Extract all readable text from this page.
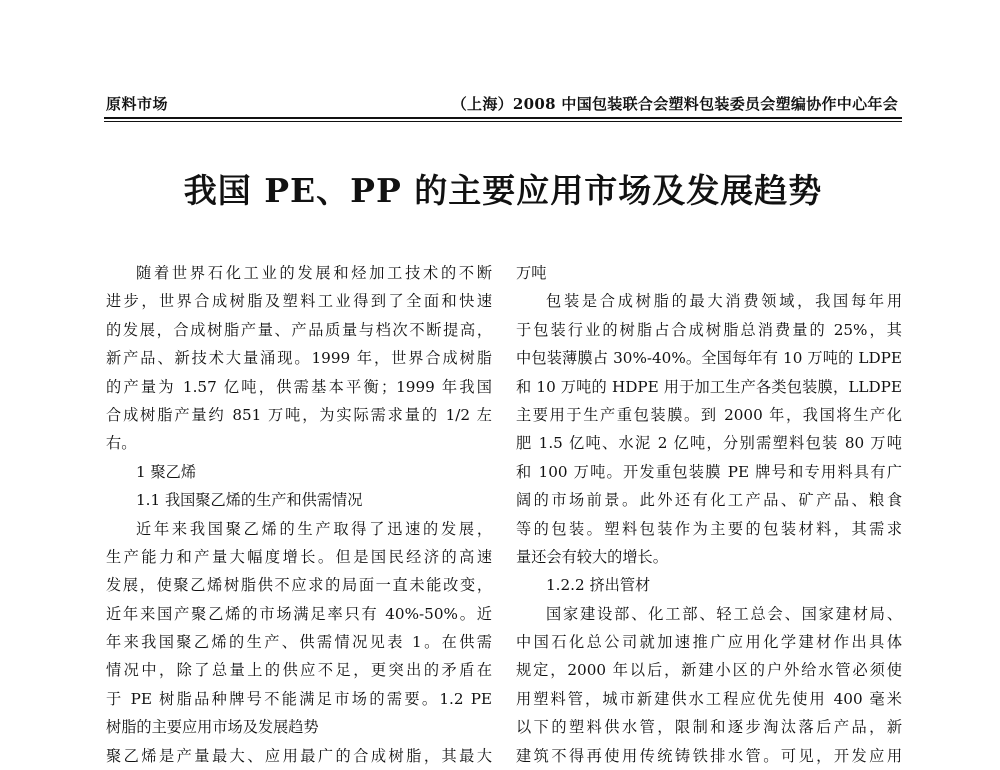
原料市场	（上海）2008 中国包装联合会塑料包装委员会塑编协作中心年会
我国 PE、PP 的主要应用市场及发展趋势
随着世界石化工业的发展和烃加工技术的不断
进步，世界合成树脂及塑料工业得到了全面和快速
的发展，合成树脂产量、产品质量与档次不断提高，
新产品、新技术大量涌现。1999 年，世界合成树脂
的产量为 1.57 亿吨，供需基本平衡；1999 年我国
合成树脂产量约 851 万吨，为实际需求量的 1/2 左
右。
1 聚乙烯
1.1 我国聚乙烯的生产和供需情况
近年来我国聚乙烯的生产取得了迅速的发展，
生产能力和产量大幅度增长。但是国民经济的高速
发展，使聚乙烯树脂供不应求的局面一直未能改变，
近年来国产聚乙烯的市场满足率只有 40%-50%。近
年来我国聚乙烯的生产、供需情况见表 1。在供需
情况中，除了总量上的供应不足，更突出的矛盾在
于 PE 树脂品种牌号不能满足市场的需要。1.2 PE
树脂的主要应用市场及发展趋势
聚乙烯是产量最大、应用最广的合成树脂，其最大
万吨
包装是合成树脂的最大消费领域，我国每年用
于包装行业的树脂占合成树脂总消费量的 25%，其
中包装薄膜占 30%-40%。全国每年有 10 万吨的 LDPE
和 10 万吨的 HDPE 用于加工生产各类包装膜，LLDPE
主要用于生产重包装膜。到 2000 年，我国将生产化
肥 1.5 亿吨、水泥 2 亿吨，分别需塑料包装 80 万吨
和 100 万吨。开发重包装膜 PE 牌号和专用料具有广
阔的市场前景。此外还有化工产品、矿产品、粮食
等的包装。塑料包装作为主要的包装材料，其需求
量还会有较大的增长。
1.2.2 挤出管材
国家建设部、化工部、轻工总会、国家建材局、
中国石化总公司就加速推广应用化学建材作出具体
规定，2000 年以后，新建小区的户外给水管必须使
用塑料管，城市新建供水工程应优先使用 400 毫米
以下的塑料供水管，限制和逐步淘汰落后产品，新
建筑不得再使用传统铸铁排水管。可见，开发应用
